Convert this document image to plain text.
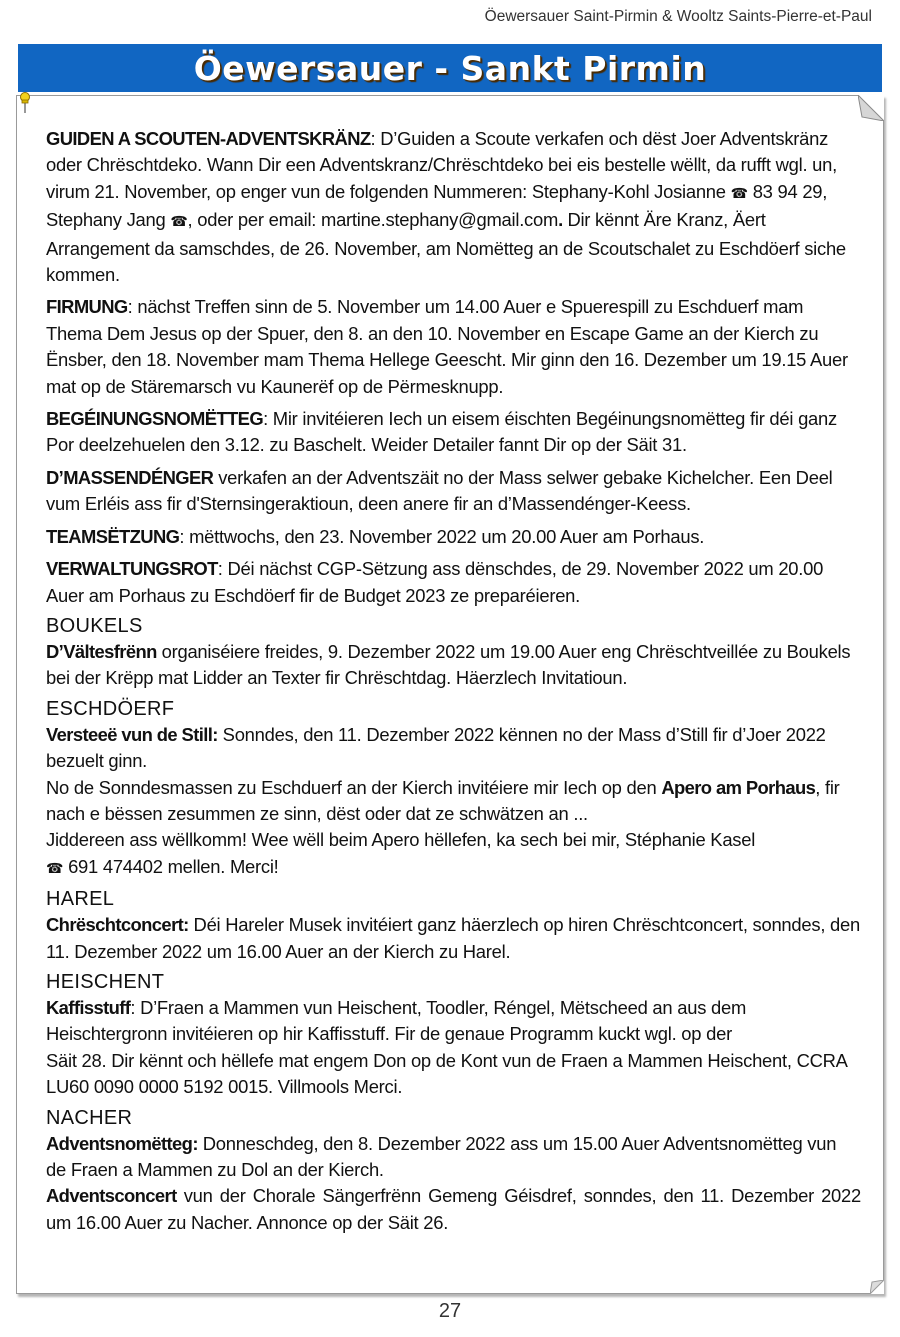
Öewersauer Saint-Pirmin & Wooltz Saints-Pierre-et-Paul
Öewersauer - Sankt Pirmin

GUIDEN A SCOUTEN-ADVENTSKRÄNZ: D’Guiden a Scoute verkafen och dëst Joer Adventskränz oder Chrëschtdeko. Wann Dir een Adventskranz/Chrëschtdeko bei eis bestelle wëllt, da rufft wgl. un, virum 21. November, op enger vun de folgenden Nummeren: Stephany-Kohl Josianne ☎ 83 94 29, Stephany Jang ☎, oder per email: martine.stephany@gmail.com. Dir kënnt Äre Kranz, Äert Arrangement da samschdes, de 26. November, am Nomëtteg an de Scoutschalet zu Eschdöerf siche kommen.

FIRMUNG: nächst Treffen sinn de 5. November um 14.00 Auer e Spuerespill zu Eschduerf mam Thema Dem Jesus op der Spuer, den 8. an den 10. November en Escape Game an der Kierch zu Ënsber, den 18. November mam Thema Hellege Geescht. Mir ginn den 16. Dezember um 19.15 Auer mat op de Stäremarsch vu Kaunerëf op de Përmesknupp.

BEGÉINUNGSNOMËTTEG: Mir invitéieren Iech un eisem éischten Begéinungsnomëtteg fir déi ganz Por deelzehuelen den 3.12. zu Baschelt. Weider Detailer fannt Dir op der Säit 31.

D’MASSENDÉNGER verkafen an der Adventszäit no der Mass selwer gebake Kichelcher. Een Deel vum Erléis ass fir d'Sternsingeraktioun, deen anere fir an d’Massendénger-Keess.

TEAMSËTZUNG: mëttwochs, den 23. November 2022 um 20.00 Auer am Porhaus.

VERWALTUNGSROT: Déi nächst CGP-Sëtzung ass dënschdes, de 29. November 2022 um 20.00 Auer am Porhaus zu Eschdöerf fir de Budget 2023 ze preparéieren.

BOUKELS

D’Vältesfrënn organiséiere freides, 9. Dezember 2022 um 19.00 Auer eng Chrëschtveillée zu Boukels bei der Krëpp mat Lidder an Texter fir Chrëschtdag. Häerzlech Invitatioun.

ESCHDÖERF

Versteeë vun de Still: Sonndes, den 11. Dezember 2022 kënnen no der Mass d’Still fir d’Joer 2022 bezuelt ginn.

No de Sonndesmassen zu Eschduerf an der Kierch invitéiere mir Iech op den Apero am Porhaus, fir nach e bëssen zesummen ze sinn, dëst oder dat ze schwätzen an ...

Jiddereen ass wëllkomm! Wee wëll beim Apero hëllefen, ka sech bei mir, Stéphanie Kasel
☎ 691 474402 mellen. Merci!

HAREL

Chrëschtconcert: Déi Hareler Musek invitéiert ganz häerzlech op hiren Chrëschtconcert, sonndes, den 11. Dezember 2022 um 16.00 Auer an der Kierch zu Harel.

HEISCHENT

Kaffisstuff: D’Fraen a Mammen vun Heischent, Toodler, Réngel, Mëtscheed an aus dem Heischtergronn invitéieren op hir Kaffisstuff. Fir de genaue Programm kuckt wgl. op der
Säit 28. Dir kënnt och hëllefe mat engem Don op de Kont vun de Fraen a Mammen Heischent, CCRA LU60 0090 0000 5192 0015. Villmools Merci.

NACHER

Adventsnomëtteg: Donneschdeg, den 8. Dezember 2022 ass um 15.00 Auer Adventsnomëtteg vun de Fraen a Mammen zu Dol an der Kierch.

Adventsconcert vun der Chorale Sängerfrënn Gemeng Géisdref, sonndes, den 11. Dezember 2022 um 16.00 Auer zu Nacher. Annonce op der Säit 26.

27
